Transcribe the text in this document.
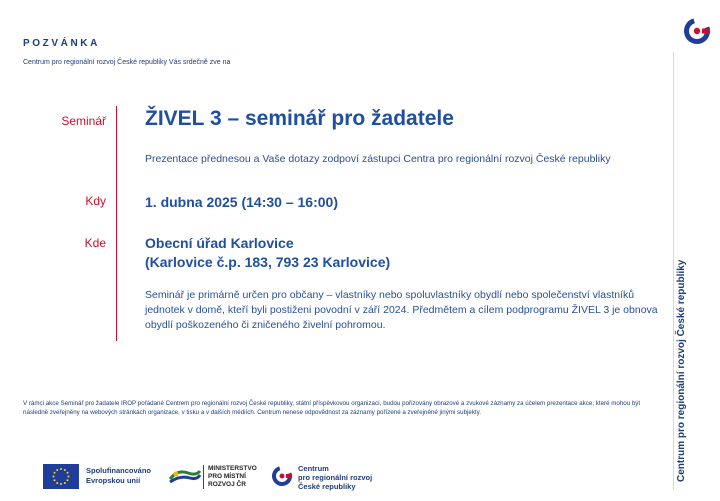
POZVÁNKA
Centrum pro regionální rozvoj České republiky Vás srdečně zve na
Centrum pro regionální rozvoj České republiky
Seminář ŽIVEL 3 – seminář pro žadatele
Prezentace přednesou a Vaše dotazy zodpoví zástupci Centra pro regionální rozvoj České republiky
Kdy	1. dubna 2025 (14:30 – 16:00)
Kde	Obecní úřad Karlovice
(Karlovice č.p. 183, 793 23 Karlovice)
Seminář je primárně určen pro občany – vlastníky nebo spoluvlastníky obydlí nebo společenství vlastníků jednotek v domě, kteří byli postiženi povodní v září 2024. Předmětem a cílem podprogramu ŽIVEL 3 je obnova obydlí poškozeného či zničeného živelní pohromou.
V rámci akce Seminář pro žadatele IROP pořádané Centrem pro regionální rozvoj České republiky, státní příspěvkovou organizací, budou pořizovány obrazové a zvukové záznamy za účelem prezentace akce, které mohou být následně zveřejněny na webových stránkách organizace, v tisku a v dalších médiích. Centrum nenese odpovědnost za záznamy pořízené a zveřejněné jinými subjekty.
Spolufinancováno
Evropskou unií
MINISTERSTVO
PRO MÍSTNÍ
ROZVOJ ČR
Centrum
pro regionální rozvoj
České republiky
